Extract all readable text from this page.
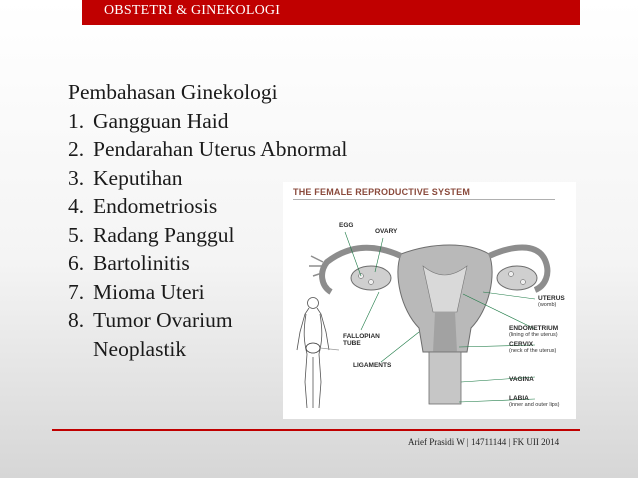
OBSTETRI & GINEKOLOGI
Pembahasan Ginekologi
1. Gangguan Haid
2. Pendarahan Uterus Abnormal
3. Keputihan
4. Endometriosis
5. Radang Panggul
6. Bartolinitis
7. Mioma Uteri
8. Tumor Ovarium
Neoplastik
THE FEMALE REPRODUCTIVE SYSTEM
EGG
OVARY
FALLOPIAN
TUBE
LIGAMENTS
UTERUS
(womb)
ENDOMETRIUM
(lining of the uterus)
CERVIX
(neck of the uterus)
VAGINA
LABIA
(inner and outer lips)
Arief Prasidi W | 14711144 | FK UII 2014
